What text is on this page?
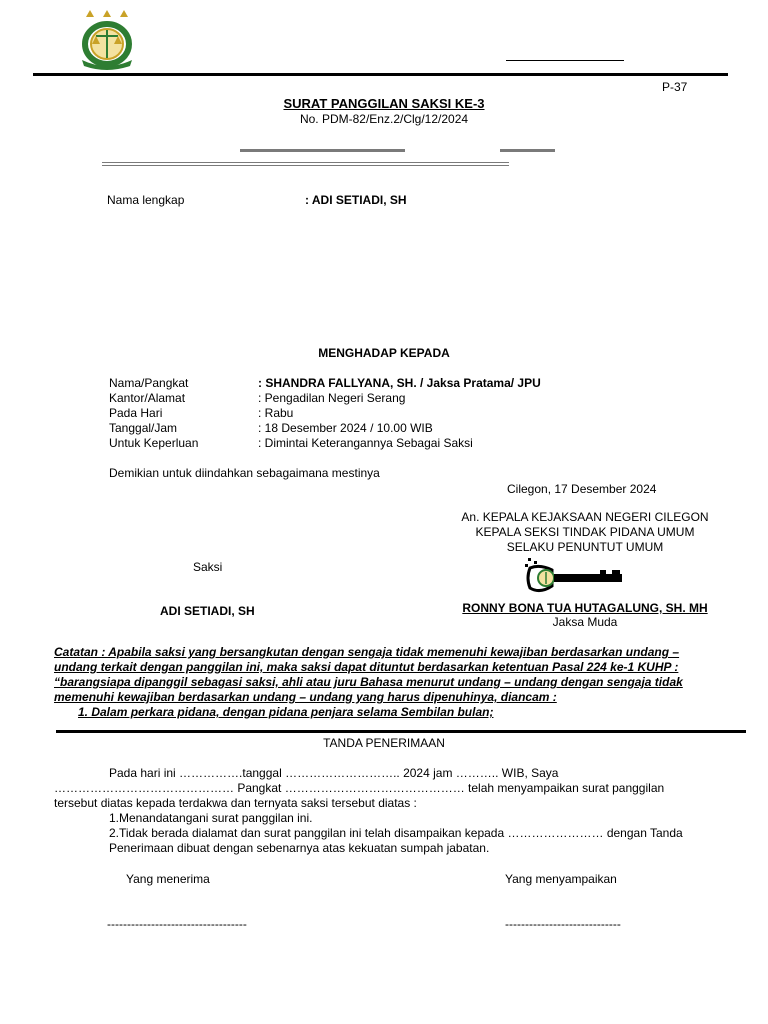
P-37
SURAT PANGGILAN SAKSI KE-3
No. PDM-82/Enz.2/Clg/12/2024
Nama lengkap	: ADI SETIADI, SH
MENGHADAP KEPADA
Nama/Pangkat	: SHANDRA FALLYANA, SH. / Jaksa Pratama/ JPU
Kantor/Alamat	: Pengadilan Negeri Serang
Pada Hari	: Rabu
Tanggal/Jam	: 18 Desember 2024 / 10.00 WIB
Untuk Keperluan	: Dimintai Keterangannya Sebagai Saksi
Demikian untuk diindahkan sebagaimana mestinya
Cilegon, 17 Desember 2024
An. KEPALA KEJAKSAAN NEGERI CILEGON
KEPALA SEKSI TINDAK PIDANA UMUM
SELAKU PENUNTUT UMUM
RONNY BONA TUA HUTAGALUNG, SH. MH
Jaksa Muda
Saksi
ADI SETIADI, SH
Catatan : Apabila saksi yang bersangkutan dengan sengaja tidak memenuhi kewajiban berdasarkan undang –
undang terkait dengan panggilan ini, maka saksi dapat dituntut berdasarkan ketentuan Pasal 224 ke-1 KUHP :
“barangsiapa dipanggil sebagasi saksi, ahli atau juru Bahasa menurut undang – undang dengan sengaja tidak
memenuhi kewajiban berdasarkan undang – undang yang harus dipenuhinya, diancam :
1. Dalam perkara pidana, dengan pidana penjara selama Sembilan bulan;
TANDA PENERIMAAN
Pada hari ini …………….tanggal ……………………….. 2024 jam ……….. WIB, Saya
……………………………………… Pangkat ……………………………………… telah menyampaikan surat panggilan
tersebut diatas kepada terdakwa dan ternyata saksi tersebut diatas :
1.Menandatangani surat panggilan ini.
2.Tidak beradа dialamat dan surat panggilan ini telah disampaikan kepada …………………… dengan Tanda
Penerimaan dibuat dengan sebenarnya atas kekuatan sumpah jabatan.
Yang menerima	Yang menyampaikan
-----------------------------------	-----------------------------
